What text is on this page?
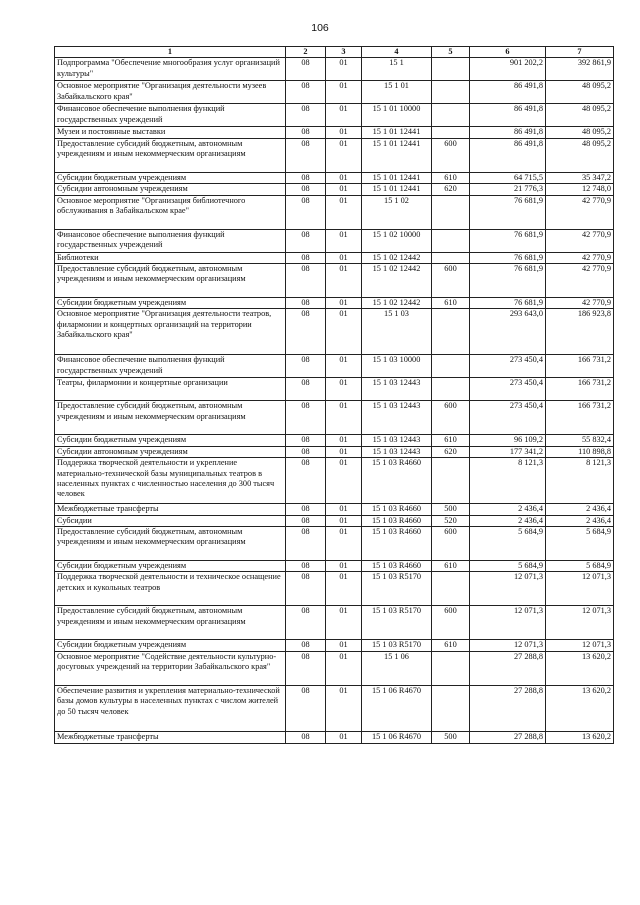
106
1	2	3	4	5	6	7
Подпрограмма "Обеспечение многообразия услуг организаций культуры"	08	01	15 1		901 202,2	392 861,9
Основное мероприятие "Организация деятельности музеев Забайкальского края"	08	01	15 1 01		86 491,8	48 095,2
Финансовое обеспечение выполнения функций государственных учреждений	08	01	15 1 01 10000		86 491,8	48 095,2
Музеи и постоянные выставки	08	01	15 1 01 12441		86 491,8	48 095,2
Предоставление субсидий бюджетным, автономным учреждениям и иным некоммерческим организациям	08	01	15 1 01 12441	600	86 491,8	48 095,2
Субсидии бюджетным учреждениям	08	01	15 1 01 12441	610	64 715,5	35 347,2
Субсидии автономным учреждениям	08	01	15 1 01 12441	620	21 776,3	12 748,0
Основное мероприятие "Организация библиотечного обслуживания в Забайкальском крае"	08	01	15 1 02		76 681,9	42 770,9
Финансовое обеспечение выполнения функций государственных учреждений	08	01	15 1 02 10000		76 681,9	42 770,9
Библиотеки	08	01	15 1 02 12442		76 681,9	42 770,9
Предоставление субсидий бюджетным, автономным учреждениям и иным некоммерческим организациям	08	01	15 1 02 12442	600	76 681,9	42 770,9
Субсидии бюджетным учреждениям	08	01	15 1 02 12442	610	76 681,9	42 770,9
Основное мероприятие "Организация деятельности театров, филармонии и концертных организаций на территории Забайкальского края"	08	01	15 1 03		293 643,0	186 923,8
Финансовое обеспечение выполнения функций государственных учреждений	08	01	15 1 03 10000		273 450,4	166 731,2
Театры, филармонии и концертные организации	08	01	15 1 03 12443		273 450,4	166 731,2
Предоставление субсидий бюджетным, автономным учреждениям и иным некоммерческим организациям	08	01	15 1 03 12443	600	273 450,4	166 731,2
Субсидии бюджетным учреждениям	08	01	15 1 03 12443	610	96 109,2	55 832,4
Субсидии автономным учреждениям	08	01	15 1 03 12443	620	177 341,2	110 898,8
Поддержка творческой деятельности и укрепление материально-технической базы муниципальных театров в населенных пунктах с численностью населения до 300 тысяч человек	08	01	15 1 03 R4660		8 121,3	8 121,3
Межбюджетные трансферты	08	01	15 1 03 R4660	500	2 436,4	2 436,4
Субсидии	08	01	15 1 03 R4660	520	2 436,4	2 436,4
Предоставление субсидий бюджетным, автономным учреждениям и иным некоммерческим организациям	08	01	15 1 03 R4660	600	5 684,9	5 684,9
Субсидии бюджетным учреждениям	08	01	15 1 03 R4660	610	5 684,9	5 684,9
Поддержка творческой деятельности и техническое оснащение детских и кукольных театров	08	01	15 1 03 R5170		12 071,3	12 071,3
Предоставление субсидий бюджетным, автономным учреждениям и иным некоммерческим организациям	08	01	15 1 03 R5170	600	12 071,3	12 071,3
Субсидии бюджетным учреждениям	08	01	15 1 03 R5170	610	12 071,3	12 071,3
Основное мероприятие "Содействие деятельности культурно-досуговых учреждений на территории Забайкальского края"	08	01	15 1 06		27 288,8	13 620,2
Обеспечение развития и укрепления материально-технической базы домов культуры в населенных пунктах с числом жителей до 50 тысяч человек	08	01	15 1 06 R4670		27 288,8	13 620,2
Межбюджетные трансферты	08	01	15 1 06 R4670	500	27 288,8	13 620,2
